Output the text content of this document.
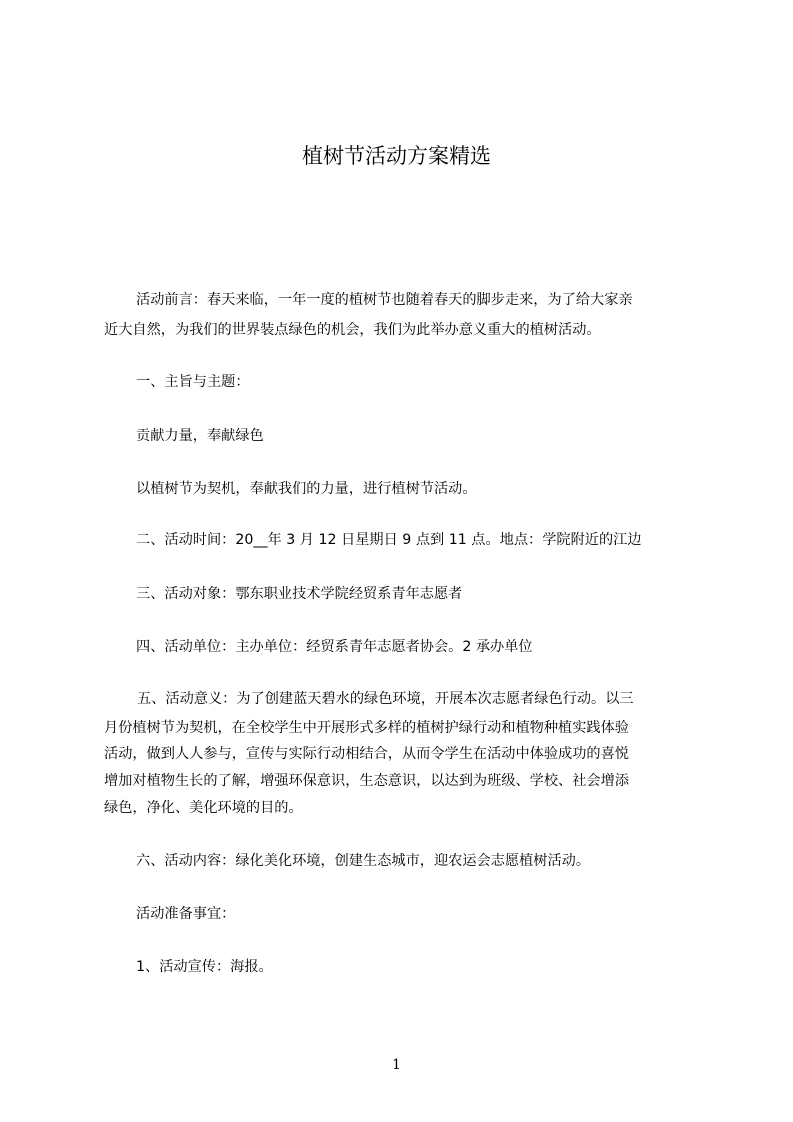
植树节活动方案精选

活动前言：春天来临，一年一度的植树节也随着春天的脚步走来，为了给大家亲

近大自然，为我们的世界装点绿色的机会，我们为此举办意义重大的植树活动。

一、主旨与主题：

贡献力量，奉献绿色

以植树节为契机，奉献我们的力量，进行植树节活动。

二、活动时间：20__年 3 月 12 日星期日 9 点到 11 点。地点：学院附近的江边

三、活动对象：鄂东职业技术学院经贸系青年志愿者

四、活动单位：主办单位：经贸系青年志愿者协会。2 承办单位

五、活动意义：为了创建蓝天碧水的绿色环境，开展本次志愿者绿色行动。以三

月份植树节为契机，在全校学生中开展形式多样的植树护绿行动和植物种植实践体验

活动，做到人人参与，宣传与实际行动相结合，从而令学生在活动中体验成功的喜悦

增加对植物生长的了解，增强环保意识，生态意识，以达到为班级、学校、社会增添

绿色，净化、美化环境的目的。

六、活动内容：绿化美化环境，创建生态城市，迎农运会志愿植树活动。

活动准备事宜：

1、活动宣传：海报。

1
